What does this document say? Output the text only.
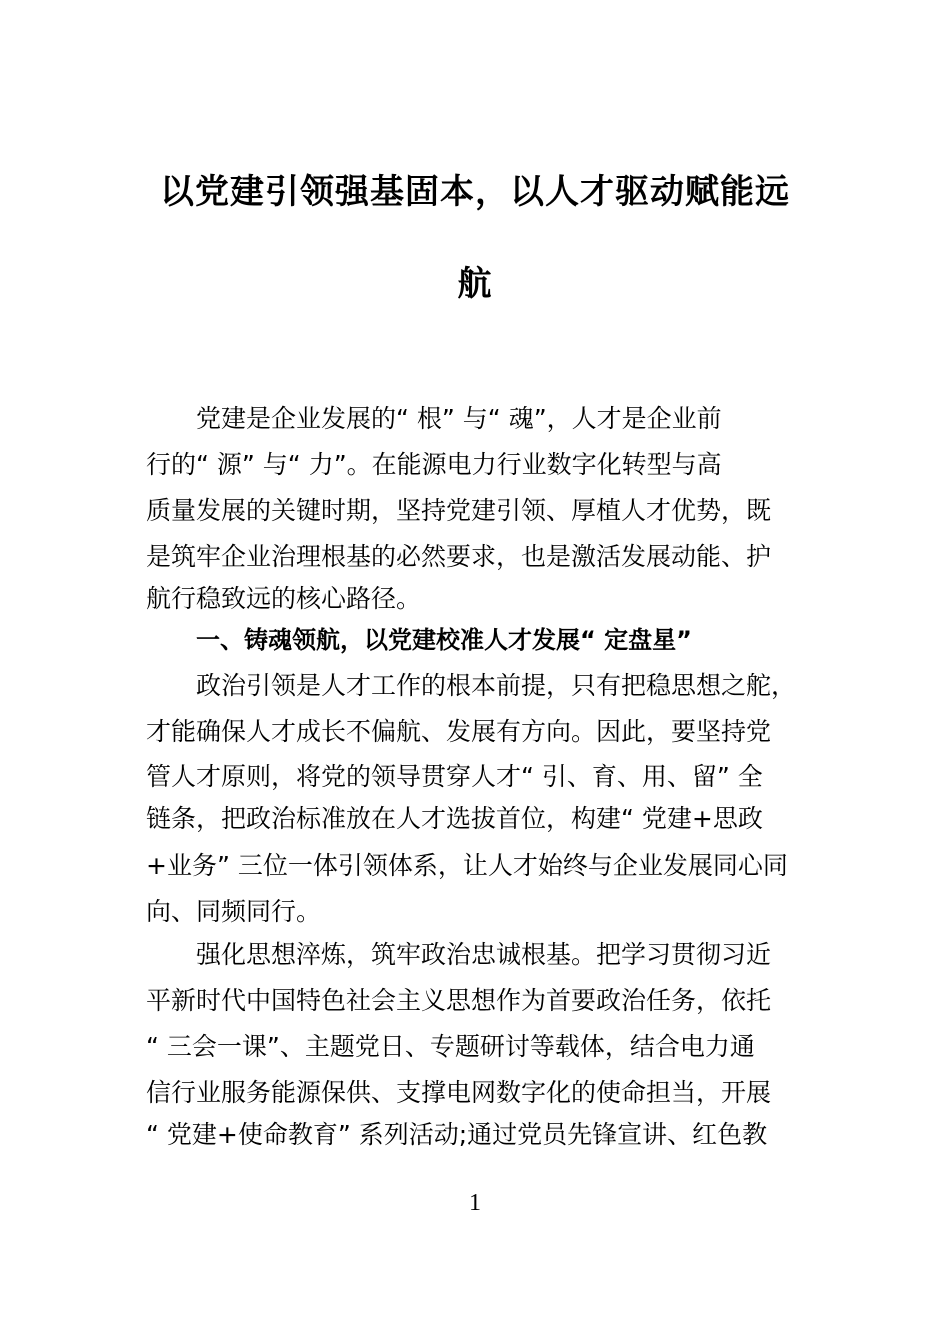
以党建引领强基固本，以人才驱动赋能远
航
党建是企业发展的“ 根” 与“ 魂”，人才是企业前
行的“ 源” 与“ 力”。在能源电力行业数字化转型与高
质量发展的关键时期，坚持党建引领、厚植人才优势，既
是筑牢企业治理根基的必然要求，也是激活发展动能、护
航行稳致远的核心路径。
一、铸魂领航，以党建校准人才发展“ 定盘星”
政治引领是人才工作的根本前提，只有把稳思想之舵，
才能确保人才成长不偏航、发展有方向。因此，要坚持党
管人才原则，将党的领导贯穿人才“ 引、育、用、留” 全
链条，把政治标准放在人才选拔首位，构建“ 党建+思政
+业务” 三位一体引领体系，让人才始终与企业发展同心同
向、同频同行。
强化思想淬炼，筑牢政治忠诚根基。把学习贯彻习近
平新时代中国特色社会主义思想作为首要政治任务，依托
“ 三会一课”、主题党日、专题研讨等载体，结合电力通
信行业服务能源保供、支撑电网数字化的使命担当，开展
“ 党建+使命教育” 系列活动;通过党员先锋宣讲、红色教
1
